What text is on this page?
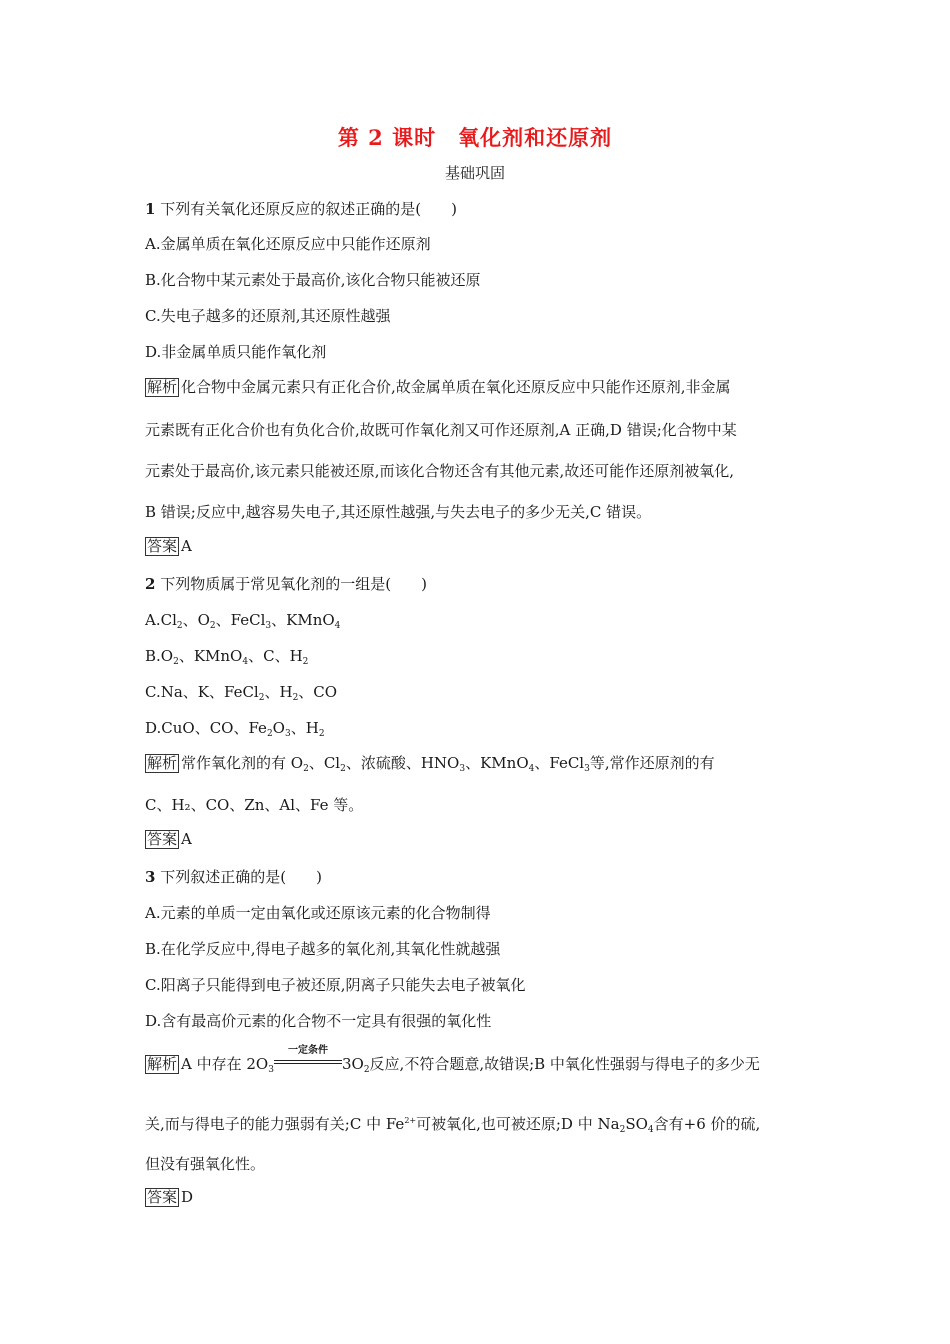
第 2 课时 氧化剂和还原剂
基础巩固
1 下列有关氧化还原反应的叙述正确的是(　　)
A.金属单质在氧化还原反应中只能作还原剂
B.化合物中某元素处于最高价,该化合物只能被还原
C.失电子越多的还原剂,其还原性越强
D.非金属单质只能作氧化剂
解析 化合物中金属元素只有正化合价,故金属单质在氧化还原反应中只能作还原剂,非金属
元素既有正化合价也有负化合价,故既可作氧化剂又可作还原剂,A 正确,D 错误;化合物中某
元素处于最高价,该元素只能被还原,而该化合物还含有其他元素,故还可能作还原剂被氧化,
B 错误;反应中,越容易失电子,其还原性越强,与失去电子的多少无关,C 错误。
答案 A
2 下列物质属于常见氧化剂的一组是(　　)
$A.Cl_2$、$O_2$、FeCl$_3$、KMnO$_4$
$B.O_2$、KMnO$_4$、C、$H_2$
C.Na、K、FeCl$_2$、$H_2$、CO
D.CuO、CO、$Fe_2O_3$、$H_2$
解析 常作氧化剂的有 $O_2$、$Cl_2$、浓硫酸、$HNO_3$、KMnO$_4$、FeCl$_3$等,常作还原剂的有
C、H₂、CO、Zn、Al、Fe 等。
答案 A
3 下列叙述正确的是(　　)
A.元素的单质一定由氧化或还原该元素的化合物制得
B.在化学反应中,得电子越多的氧化剂,其氧化性就越强
C.阳离子只能得到电子被还原,阴离子只能失去电子被氧化
D.含有最高价元素的化合物不一定具有很强的氧化性
解析 A 中存在 $2O_3$
一定条件
$3O_2$反应,不符合题意,故错误;B 中氧化性强弱与得电子的多少无
关,而与得电子的能力强弱有关;C 中 $Fe^{2+}$可被氧化,也可被还原;D 中 $Na_2SO_4$含有+6 价的硫,
但没有强氧化性。
答案 D
